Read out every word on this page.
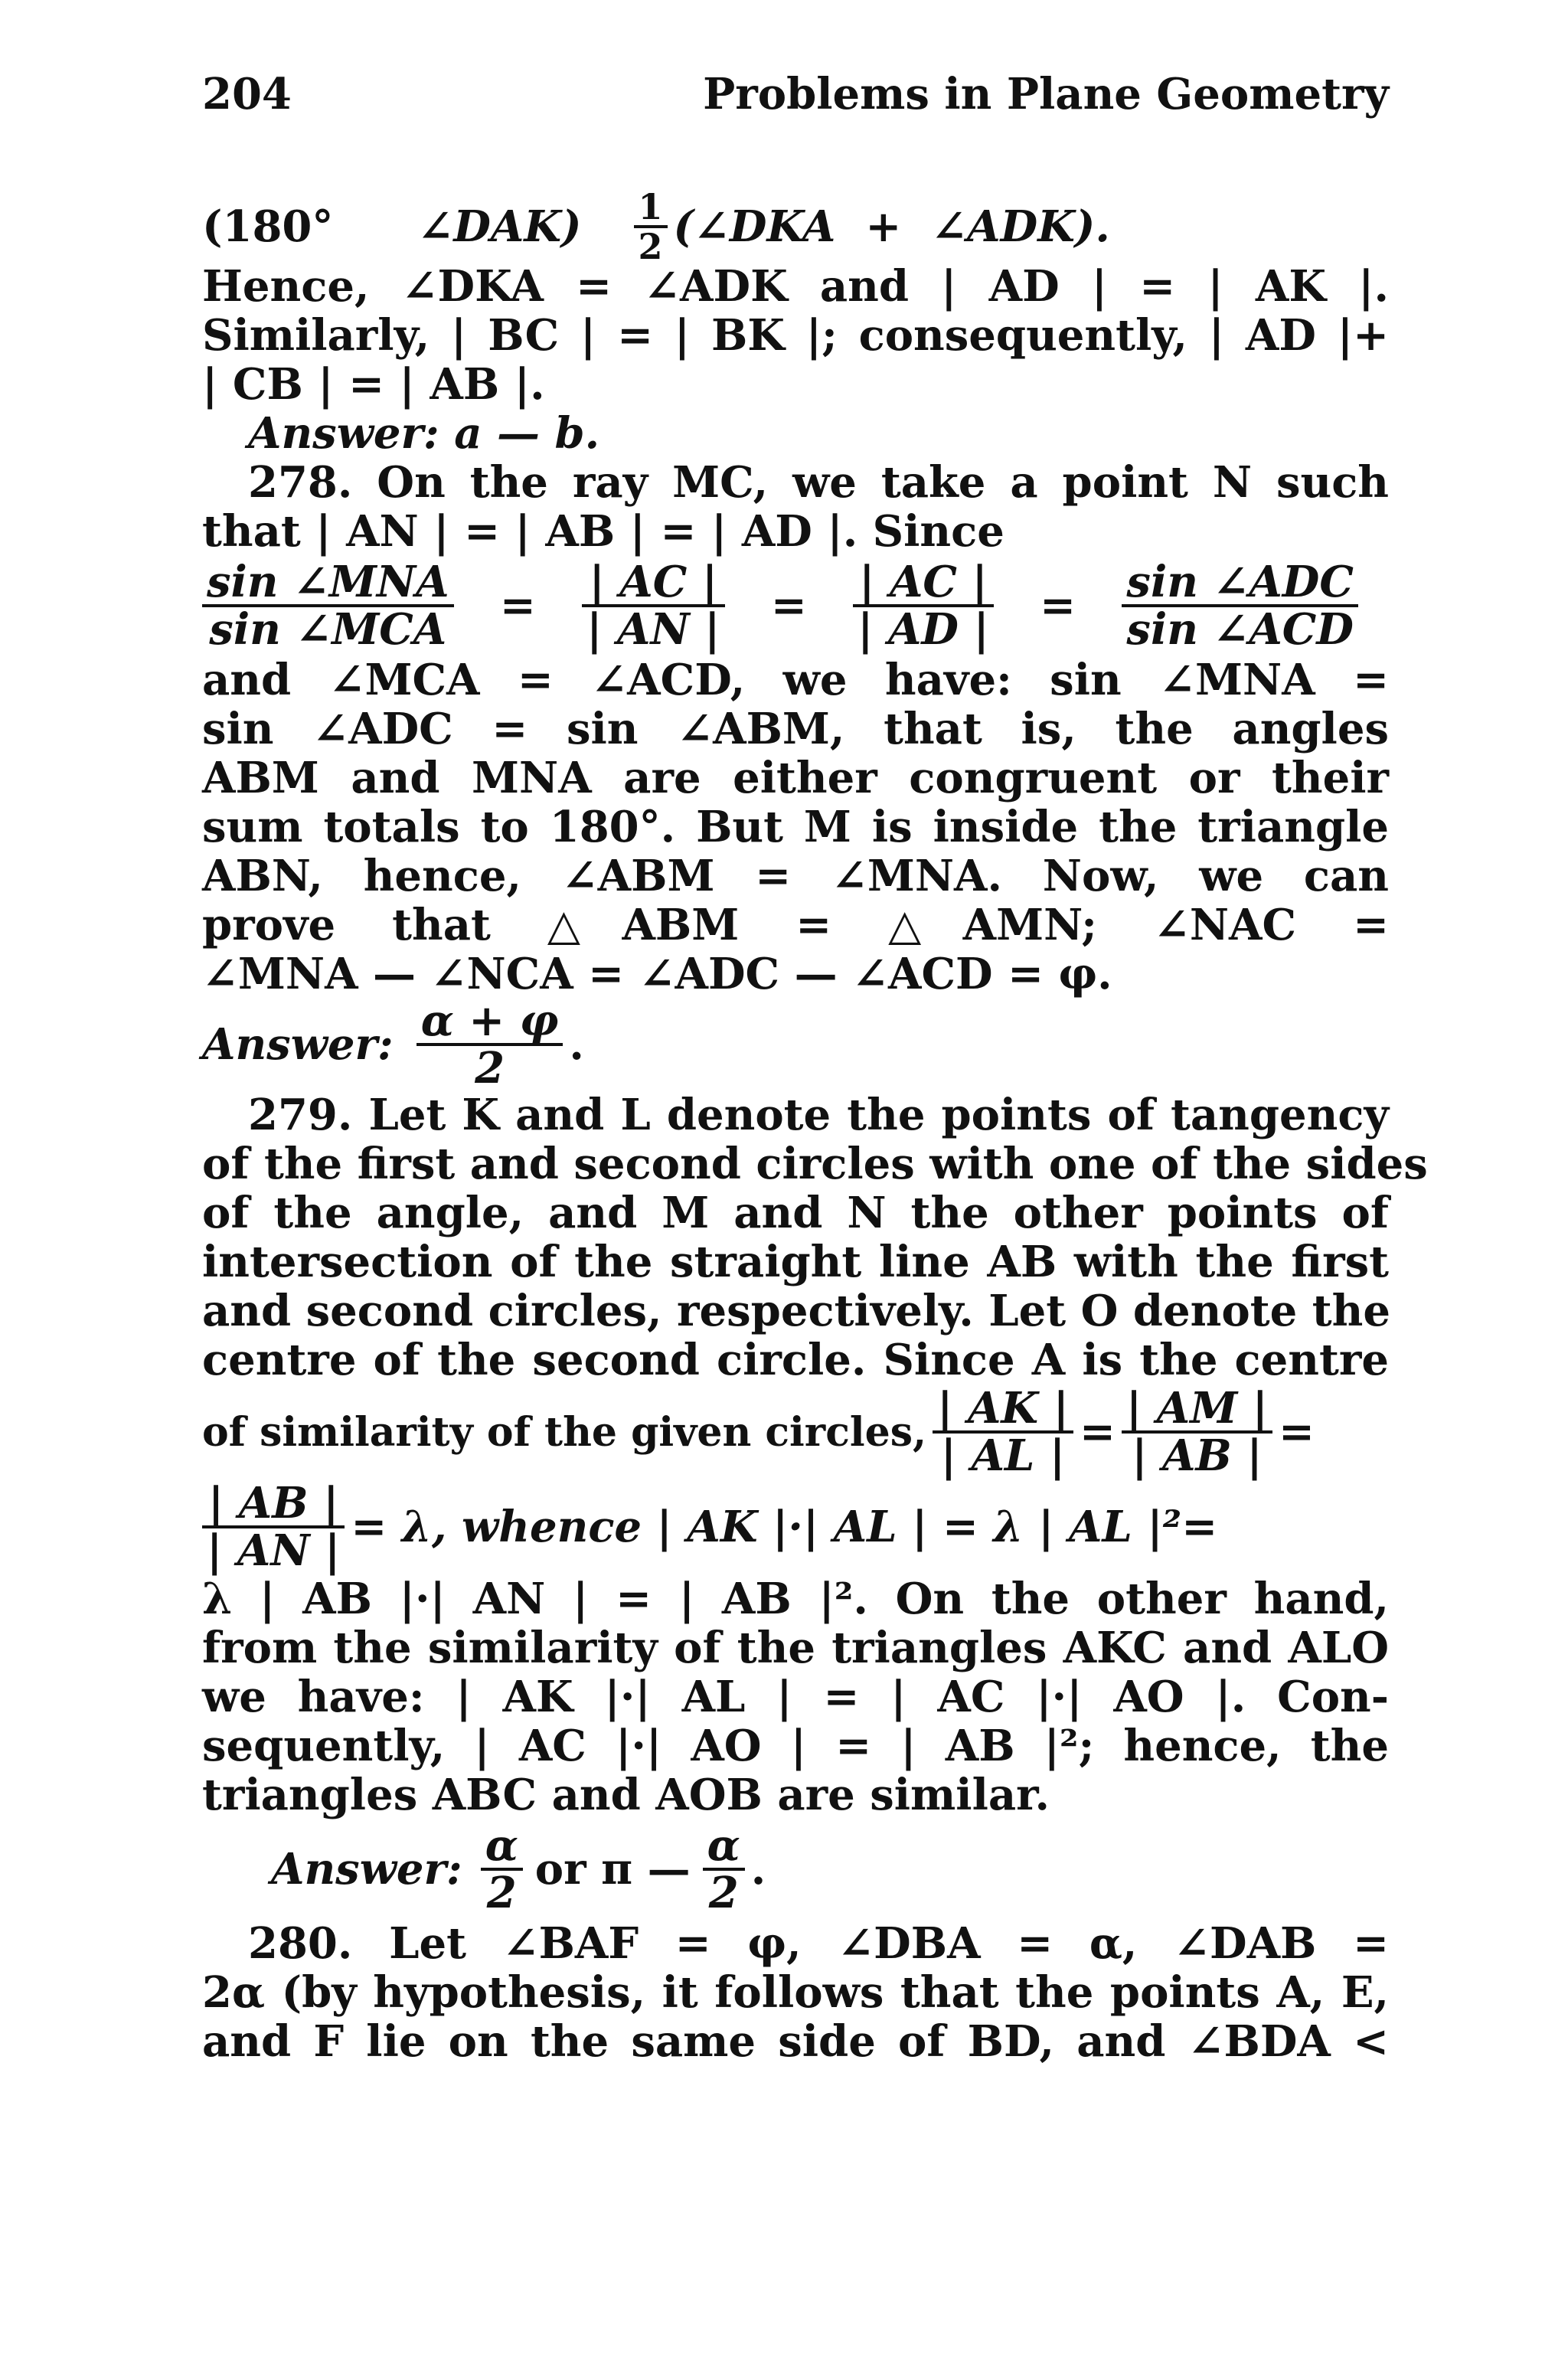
204	Problems in Plane Geometry
(180° ∠DAK) $\frac{1}{2}$ (∠DKA  +  ∠ADK).

Hence, ∠DKA = ∠ADK and | AD | = | AK |.

Similarly, | BC | = | BK |; consequently, | AD |+

| CB | = | AB |.

Answer: a — b.

278. On the ray MC, we take a point N such

that | AN | = | AB | = | AD |. Since

$\frac{\text{sin ∠MNA}}{\text{sin ∠MCA}} = \frac{| AC |}{| AN |} = \frac{| AC |}{| AD |} = \frac{\text{sin ∠ADC}}{\text{sin ∠ACD}}$

and ∠MCA = ∠ACD, we have: sin ∠MNA =

sin ∠ADC = sin ∠ABM, that is, the angles

ABM and MNA are either congruent or their

sum totals to 180°. But M is inside the triangle

ABN, hence, ∠ABM = ∠MNA. Now, we can

prove that △ABM = △AMN; ∠NAC =

∠MNA — ∠NCA = ∠ADC — ∠ACD = φ.

Answer: $\frac{\alpha + \varphi}{2}$ .

279. Let K and L denote the points of tangency

of the first and second circles with one of the sides

of the angle, and M and N the other points of

intersection of the straight line AB with the first

and second circles, respectively. Let O denote the

centre of the second circle. Since A is the centre

of similarity of the given circles, $\frac{| AK |}{| AL |} = \frac{| AM |}{| AB |}$ =
$\frac{| AB |}{| AN |} = \lambda$, whence | AK |·| AL | = λ | AL |²=

λ | AB |·| AN | = | AB |². On the other hand,

from the similarity of the triangles AKC and ALO

we have: | AK |·| AL | = | AC |·| AO |. Con-

sequently, | AC |·| AO | = | AB |²; hence, the

triangles ABC and AOB are similar.

Answer: $\frac{\alpha}{2}$ or π — $\frac{\alpha}{2}$ .

280. Let ∠BAF = φ, ∠DBA = α, ∠DAB =

2α (by hypothesis, it follows that the points A, E,

and F lie on the same side of BD, and ∠BDA <
